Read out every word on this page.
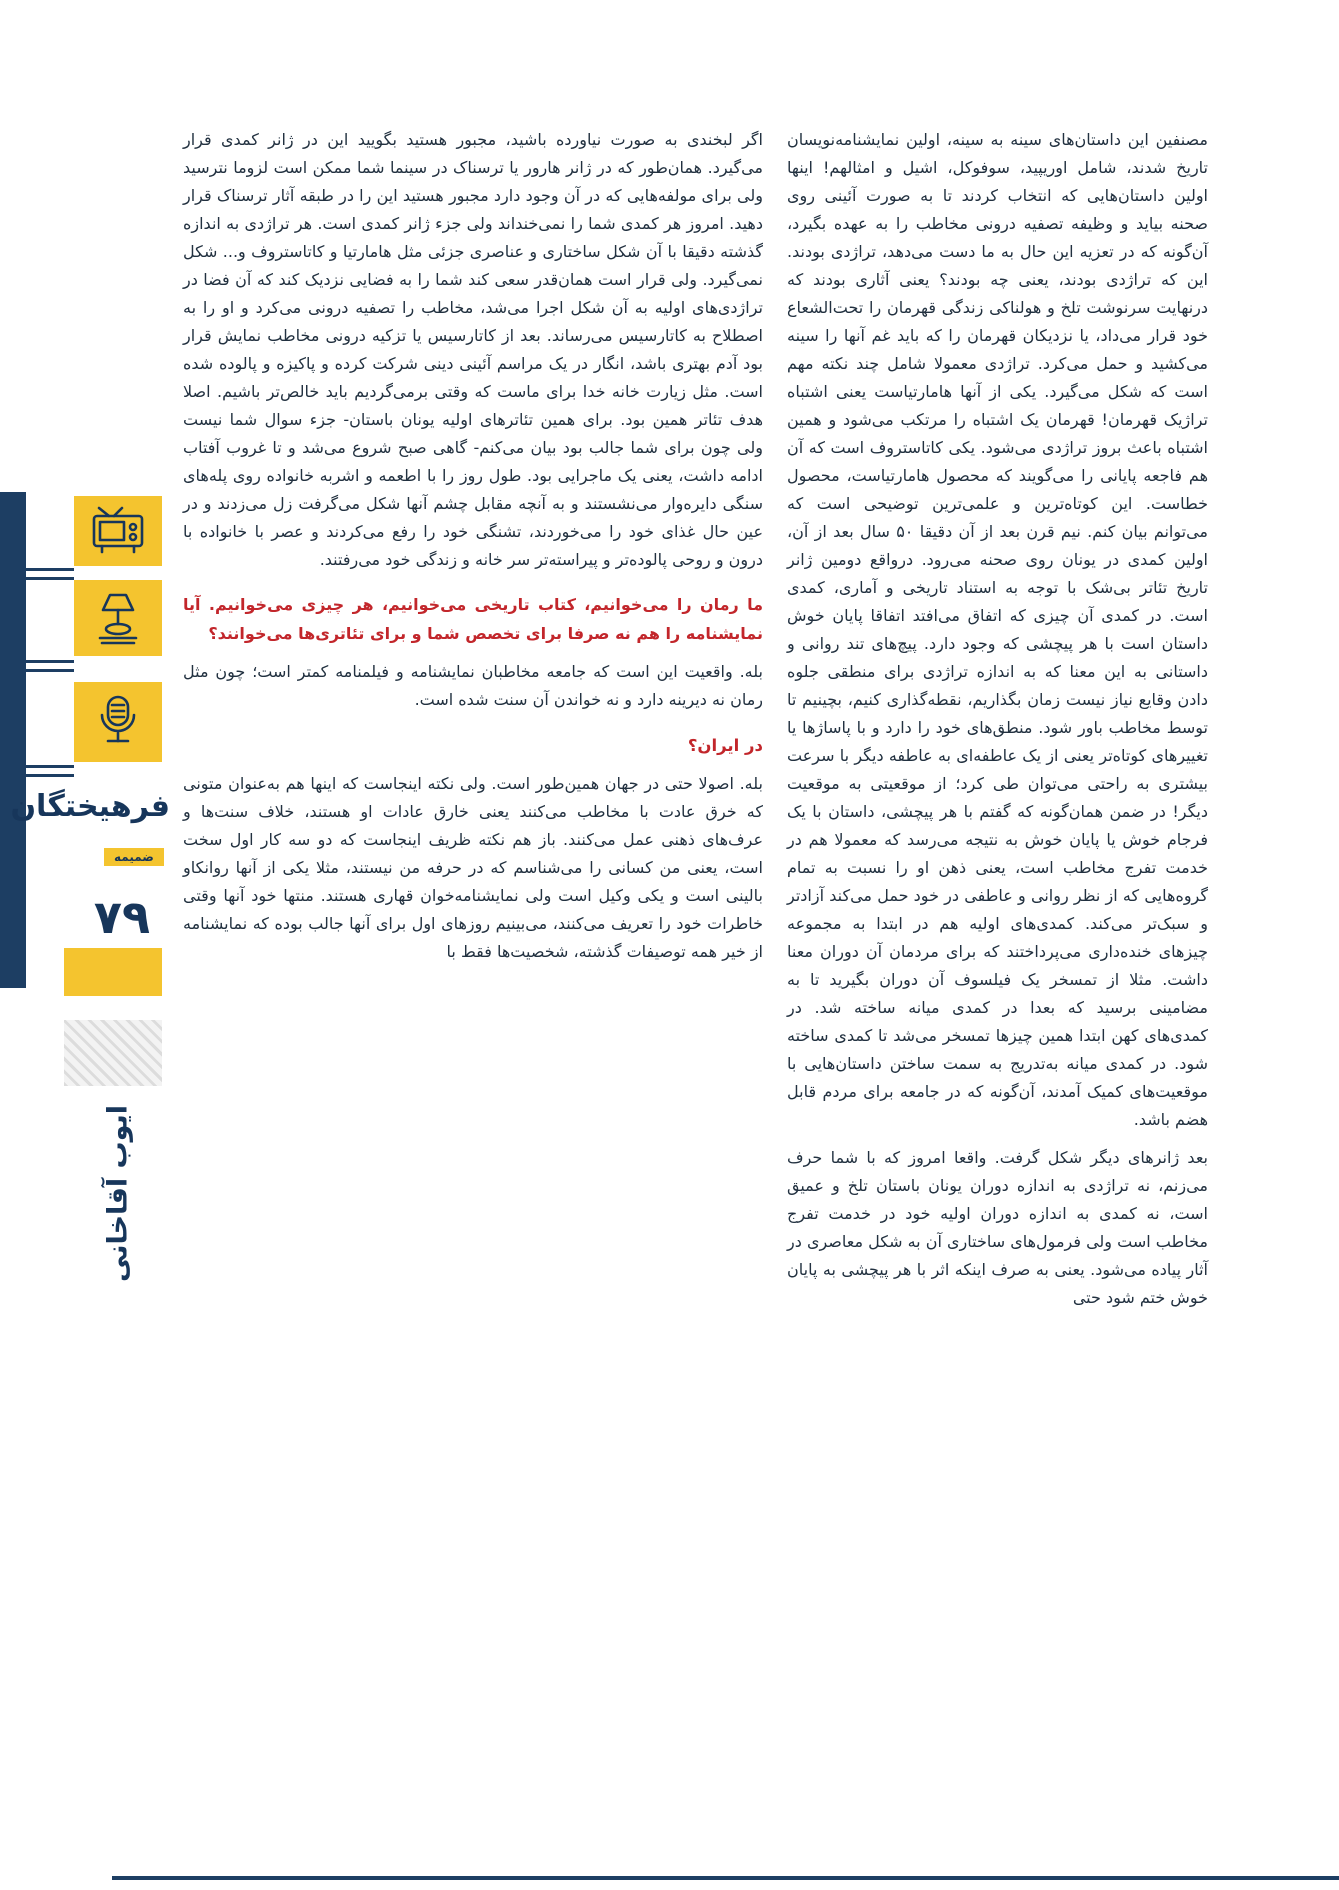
فرهیختگان
ضمیمه
٧٩
ایوب آقاخانی

مصنفین این داستان‌های سینه به سینه، اولین نمایشنامه‌نویسان تاریخ شدند، شامل اوریپید، سوفوکل، اشیل و امثالهم! اینها اولین داستان‌هایی که انتخاب کردند تا به صورت آئینی روی صحنه بیاید و وظیفه تصفیه درونی مخاطب را به عهده بگیرد، آن‌گونه که در تعزیه این حال به ما دست می‌دهد، تراژدی بودند. این که تراژدی بودند، یعنی چه بودند؟ یعنی آثاری بودند که درنهایت سرنوشت تلخ و هولناکی زندگی قهرمان را تحت‌الشعاع خود قرار می‌داد، یا نزدیکان قهرمان را که باید غم آنها را سینه می‌کشید و حمل می‌کرد. تراژدی معمولا شامل چند نکته مهم است که شکل می‌گیرد. یکی از آنها هامارتیاست یعنی اشتباه تراژیک قهرمان! قهرمان یک اشتباه را مرتکب می‌شود و همین اشتباه باعث بروز تراژدی می‌شود. یکی کاتاستروف است که آن هم فاجعه پایانی را می‌گویند که محصول هامارتیاست، محصول خطاست. این کوتاه‌ترین و علمی‌ترین توضیحی است که می‌توانم بیان کنم. نیم قرن بعد از آن دقیقا ۵۰ سال بعد از آن، اولین کمدی در یونان روی صحنه می‌رود. درواقع دومین ژانر تاریخ تئاتر بی‌شک با توجه به استناد تاریخی و آماری، کمدی است. در کمدی آن چیزی که اتفاق می‌افتد اتفاقا پایان خوش داستان است با هر پیچشی که وجود دارد. پیچ‌های تند روانی و داستانی به این معنا که به اندازه تراژدی برای منطقی جلوه دادن وقایع نیاز نیست زمان بگذاریم، نقطه‌گذاری کنیم، بچینیم تا توسط مخاطب باور شود. منطق‌های خود را دارد و با پاساژها یا تغییرهای کوتاه‌تر یعنی از یک عاطفه‌ای به عاطفه دیگر با سرعت بیشتری به راحتی می‌توان طی کرد؛ از موقعیتی به موقعیت دیگر! در ضمن همان‌گونه که گفتم با هر پیچشی، داستان با یک فرجام خوش یا پایان خوش به نتیجه می‌رسد که معمولا هم در خدمت تفرج مخاطب است، یعنی ذهن او را نسبت به تمام گروه‌هایی که از نظر روانی و عاطفی در خود حمل می‌کند آزادتر و سبک‌تر می‌کند. کمدی‌های اولیه هم در ابتدا به مجموعه چیزهای خنده‌داری می‌پرداختند که برای مردمان آن دوران معنا داشت. مثلا از تمسخر یک فیلسوف آن دوران بگیرید تا به مضامینی برسید که بعدا در کمدی میانه ساخته شد. در کمدی‌های کهن ابتدا همین چیزها تمسخر می‌شد تا کمدی ساخته شود. در کمدی میانه به‌تدریج به سمت ساختن داستان‌هایی با موقعیت‌های کمیک آمدند، آن‌گونه که در جامعه برای مردم قابل هضم باشد.

بعد ژانرهای دیگر شکل گرفت. واقعا امروز که با شما حرف می‌زنم، نه تراژدی به اندازه دوران یونان باستان تلخ و عمیق است، نه کمدی به اندازه دوران اولیه خود در خدمت تفرج مخاطب است ولی فرمول‌های ساختاری آن به شکل معاصری در آثار پیاده می‌شود. یعنی به صرف اینکه اثر با هر پیچشی به پایان خوش ختم شود حتی

اگر لبخندی به صورت نیاورده باشید، مجبور هستید بگویید این در ژانر کمدی قرار می‌گیرد. همان‌طور که در ژانر هارور یا ترسناک در سینما شما ممکن است لزوما نترسید ولی برای مولفه‌هایی که در آن وجود دارد مجبور هستید این را در طبقه آثار ترسناک قرار دهید. امروز هر کمدی شما را نمی‌خنداند ولی جزء ژانر کمدی است. هر تراژدی به اندازه گذشته دقیقا با آن شکل ساختاری و عناصری جزئی مثل هامارتیا و کاتاستروف و... شکل نمی‌گیرد. ولی قرار است همان‌قدر سعی کند شما را به فضایی نزدیک کند که آن فضا در تراژدی‌های اولیه به آن شکل اجرا می‌شد، مخاطب را تصفیه درونی می‌کرد و او را به اصطلاح به کاتارسیس می‌رساند. بعد از کاتارسیس یا تزکیه درونی مخاطب نمایش قرار بود آدم بهتری باشد، انگار در یک مراسم آئینی دینی شرکت کرده و پاکیزه و پالوده شده است. مثل زیارت خانه خدا برای ماست که وقتی برمی‌گردیم باید خالص‌تر باشیم. اصلا هدف تئاتر همین بود. برای همین تئاترهای اولیه یونان باستان- جزء سوال شما نیست ولی چون برای شما جالب بود بیان می‌کنم- گاهی صبح شروع می‌شد و تا غروب آفتاب ادامه داشت، یعنی یک ماجرایی بود. طول روز را با اطعمه و اشربه خانواده روی پله‌های سنگی دایره‌وار می‌نشستند و به آنچه مقابل چشم آنها شکل می‌گرفت زل می‌زدند و در عین حال غذای خود را می‌خوردند، تشنگی خود را رفع می‌کردند و عصر با خانواده با درون و روحی پالوده‌تر و پیراسته‌تر سر خانه و زندگی خود می‌رفتند.

ما رمان را می‌خوانیم، کتاب تاریخی می‌خوانیم، هر چیزی می‌خوانیم. آیا نمایشنامه را هم نه صرفا برای تخصص شما و برای تئاتری‌ها می‌خوانند؟

بله. واقعیت این است که جامعه مخاطبان نمایشنامه و فیلمنامه کمتر است؛ چون مثل رمان نه دیرینه دارد و نه خواندن آن سنت شده است.

در ایران؟

بله. اصولا حتی در جهان همین‌طور است. ولی نکته اینجاست که اینها هم به‌عنوان متونی که خرق عادت با مخاطب می‌کنند یعنی خارق عادات او هستند، خلاف سنت‌ها و عرف‌های ذهنی عمل می‌کنند. باز هم نکته ظریف اینجاست که دو سه کار اول سخت است، یعنی من کسانی را می‌شناسم که در حرفه من نیستند، مثلا یکی از آنها روانکاو بالینی است و یکی وکیل است ولی نمایشنامه‌خوان قهاری هستند. منتها خود آنها وقتی خاطرات خود را تعریف می‌کنند، می‌بینیم روزهای اول برای آنها جالب بوده که نمایشنامه از خیر همه توصیفات گذشته، شخصیت‌ها فقط با
